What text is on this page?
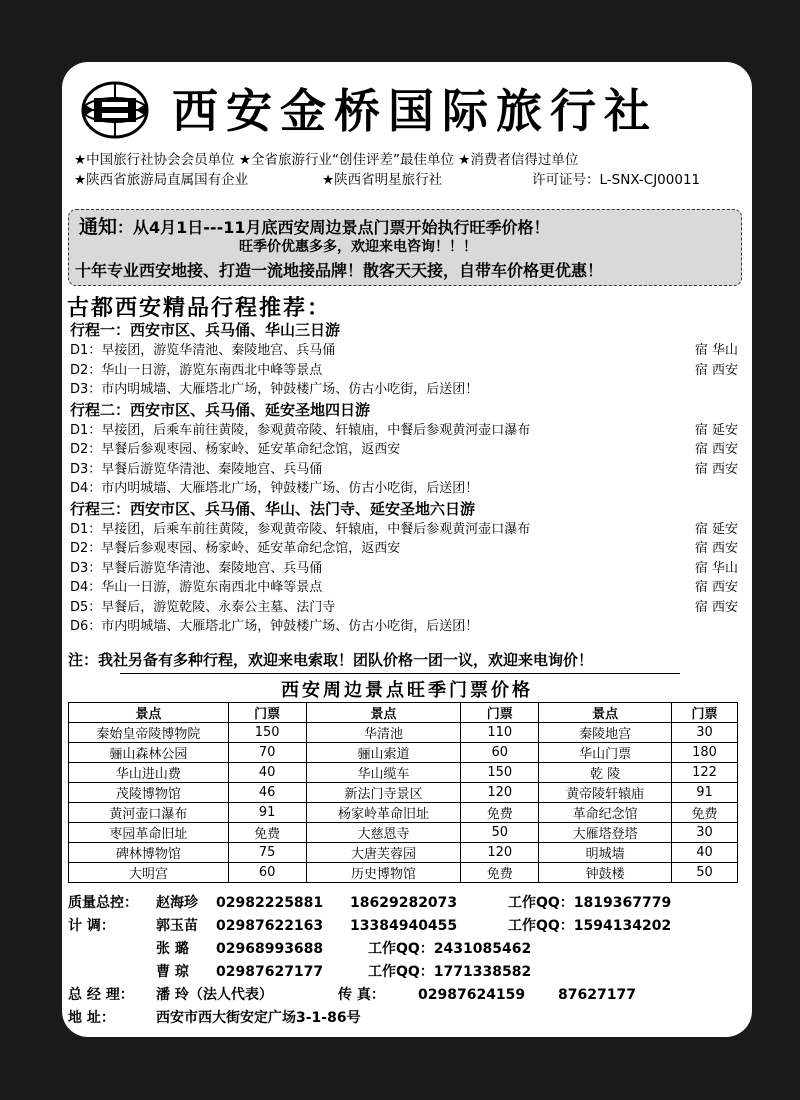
西安金桥国际旅行社
★中国旅行社协会会员单位 ★全省旅游行业“创佳评差”最佳单位 ★消费者信得过单位
★陕西省旅游局直属国有企业	★陕西省明星旅行社	许可证号：L-SNX-CJ00011
通知：从4月1日---11月底西安周边景点门票开始执行旺季价格！
旺季价优惠多多，欢迎来电咨询！！！
十年专业西安地接、打造一流地接品牌！散客天天接，自带车价格更优惠！
古都西安精品行程推荐：
行程一：西安市区、兵马俑、华山三日游
D1：早接团，游览华清池、秦陵地宫、兵马俑	宿 华山
D2：华山一日游，游览东南西北中峰等景点	宿 西安
D3：市内明城墙、大雁塔北广场，钟鼓楼广场、仿古小吃街，后送团！
行程二：西安市区、兵马俑、延安圣地四日游
D1：早接团，后乘车前往黄陵，参观黄帝陵、轩辕庙，中餐后参观黄河壶口瀑布	宿 延安
D2：早餐后参观枣园、杨家岭、延安革命纪念馆，返西安	宿 西安
D3：早餐后游览华清池、秦陵地宫、兵马俑	宿 西安
D4：市内明城墙、大雁塔北广场，钟鼓楼广场、仿古小吃街，后送团！
行程三：西安市区、兵马俑、华山、法门寺、延安圣地六日游
D1：早接团，后乘车前往黄陵，参观黄帝陵、轩辕庙，中餐后参观黄河壶口瀑布	宿 延安
D2：早餐后参观枣园、杨家岭、延安革命纪念馆，返西安	宿 西安
D3：早餐后游览华清池、秦陵地宫、兵马俑	宿 华山
D4：华山一日游，游览东南西北中峰等景点	宿 西安
D5：早餐后，游览乾陵、永泰公主墓、法门寺	宿 西安
D6：市内明城墙、大雁塔北广场，钟鼓楼广场、仿古小吃街，后送团！
注：我社另备有多种行程，欢迎来电索取！团队价格一团一议，欢迎来电询价！
西安周边景点旺季门票价格
景点	门票	景点	门票	景点	门票
秦始皇帝陵博物院	150	华清池	110	秦陵地宫	30
骊山森林公园	70	骊山索道	60	华山门票	180
华山进山费	40	华山缆车	150	乾 陵	122
茂陵博物馆	46	新法门寺景区	120	黄帝陵轩辕庙	91
黄河壶口瀑布	91	杨家岭革命旧址	免费	革命纪念馆	免费
枣园革命旧址	免费	大慈恩寺	50	大雁塔登塔	30
碑林博物馆	75	大唐芙蓉园	120	明城墙	40
大明宫	60	历史博物馆	免费	钟鼓楼	50
质量总控： 赵海珍 02982225881 18629282073	工作QQ：1819367779
计 调：	郭玉苗 02987622163 13384940455	工作QQ：1594134202
张 璐 02968993688	工作QQ：2431085462
曹 琼 02987627177	工作QQ：1771338582
总 经 理： 潘 玲（法人代表）	传 真： 02987624159 87627177
地 址：	西安市西大街安定广场3-1-86号
